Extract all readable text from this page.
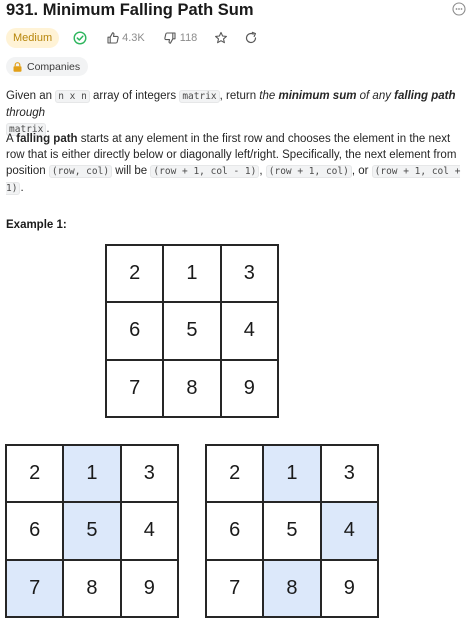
931. Minimum Falling Path Sum
Medium	4.3K	118
Companies
Given an n x n array of integers matrix , return the minimum sum of any falling path through
matrix .
A falling path starts at any element in the first row and chooses the element in the next row that is either directly below or diagonally left/right. Specifically, the next element from position (row, col) will be (row + 1, col - 1) , (row + 1, col) , or (row + 1, col + 1) .
Example 1:
2	1	3
6	5	4
7	8	9
2	1	3
6	5	4
7	8	9
2	1	3
6	5	4
7	8	9
